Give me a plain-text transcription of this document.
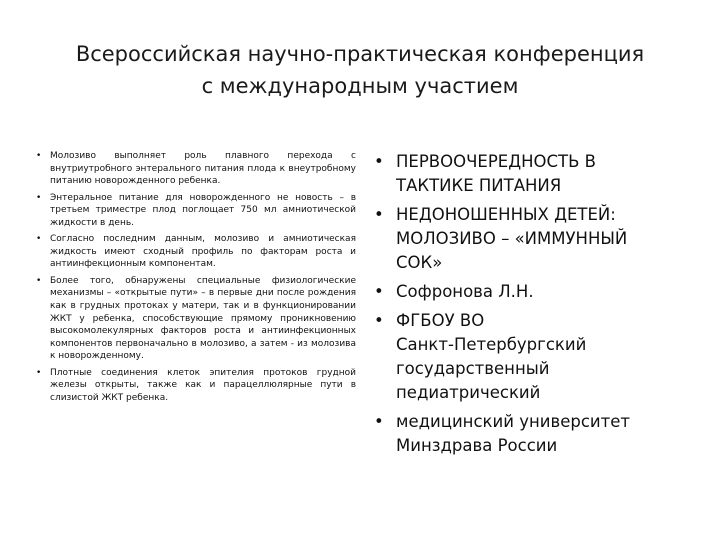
Всероссийская научно-практическая конференция
с международным участием
• Молозиво выполняет роль плавного перехода с внутриутробного энтерального питания плода к внеутробному питанию новорожденного ребенка.
• Энтеральное питание для новорожденного не новость – в третьем триместре плод поглощает 750 мл амниотической жидкости в день.
• Согласно последним данным, молозиво и амниотическая жидкость имеют сходный профиль по факторам роста и антиинфекционным компонентам.
• Более того, обнаружены специальные физиологические механизмы – «открытые пути» – в первые дни после рождения как в грудных протоках у матери, так и в функционировании ЖКТ у ребенка, способствующие прямому проникновению высокомолекулярных факторов роста и антиинфекционных компонентов первоначально в молозиво, а затем - из молозива к новорожденному.
• Плотные соединения клеток эпителия протоков грудной железы открыты, также как и парацеллюлярные пути в слизистой ЖКТ ребенка.
• ПЕРВООЧЕРЕДНОСТЬ В
ТАКТИКЕ ПИТАНИЯ
• НЕДОНОШЕННЫХ ДЕТЕЙ:
МОЛОЗИВО – «ИММУННЫЙ
СОК»
• Софронова Л.Н.
• ФГБОУ ВО
Санкт-Петербургский
государственный
педиатрический
• медицинский университет
Минздрава России
